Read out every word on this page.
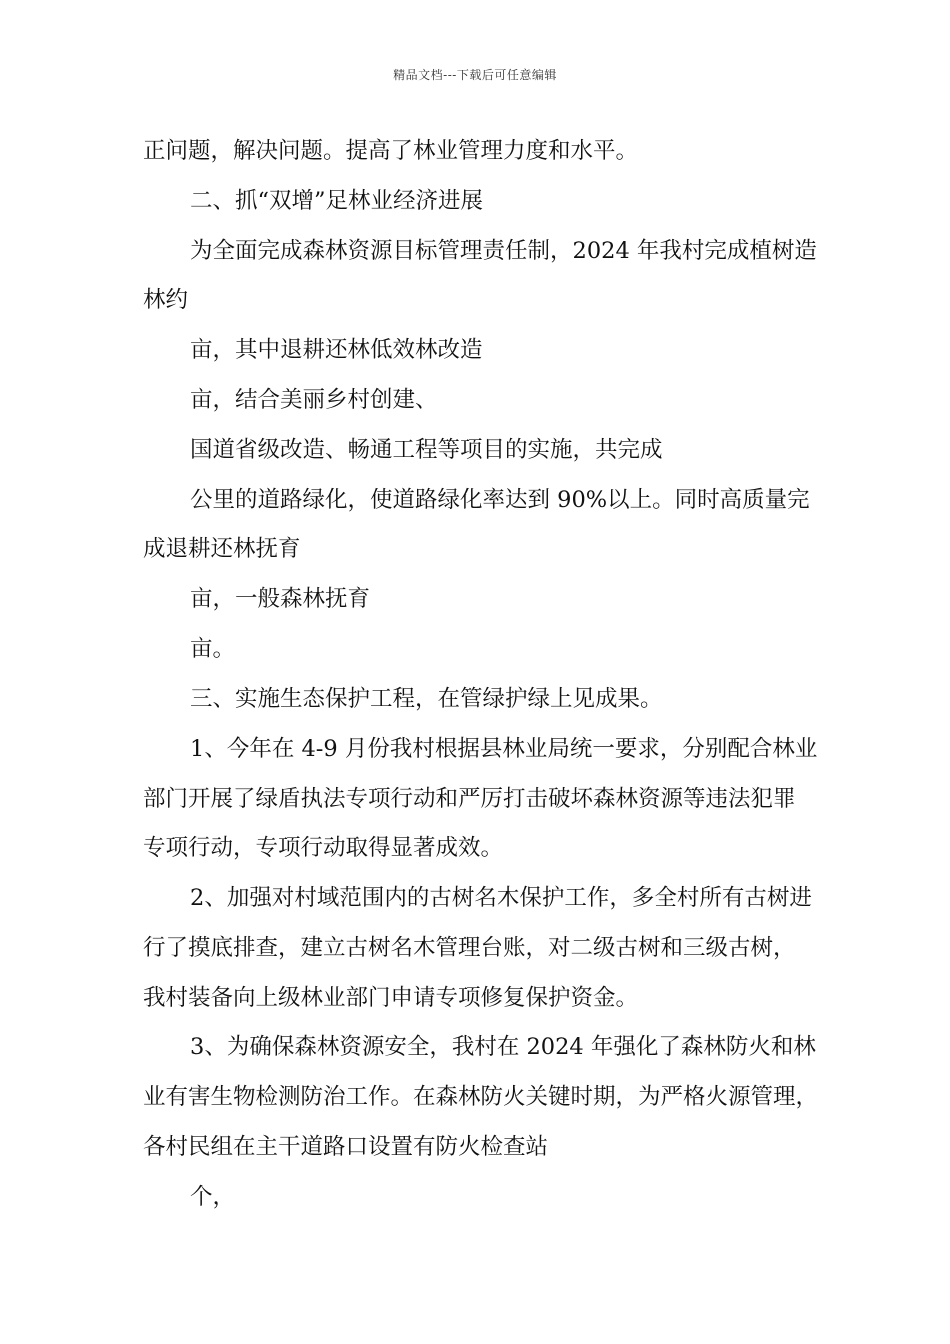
精品文档---下载后可任意编辑
正问题，解决问题。提高了林业管理力度和水平。
二、抓“双增”足林业经济进展
为全面完成森林资源目标管理责任制，2024 年我村完成植树造
林约
亩，其中退耕还林低效林改造
亩，结合美丽乡村创建、
国道省级改造、畅通工程等项目的实施，共完成
公里的道路绿化，使道路绿化率达到 90%以上。同时高质量完
成退耕还林抚育
亩，一般森林抚育
亩。
三、实施生态保护工程，在管绿护绿上见成果。
1、今年在 4-9 月份我村根据县林业局统一要求，分别配合林业
部门开展了绿盾执法专项行动和严厉打击破坏森林资源等违法犯罪
专项行动，专项行动取得显著成效。
2、加强对村域范围内的古树名木保护工作，多全村所有古树进
行了摸底排查，建立古树名木管理台账，对二级古树和三级古树，
我村装备向上级林业部门申请专项修复保护资金。
3、为确保森林资源安全，我村在 2024 年强化了森林防火和林
业有害生物检测防治工作。在森林防火关键时期，为严格火源管理，
各村民组在主干道路口设置有防火检查站
个，
